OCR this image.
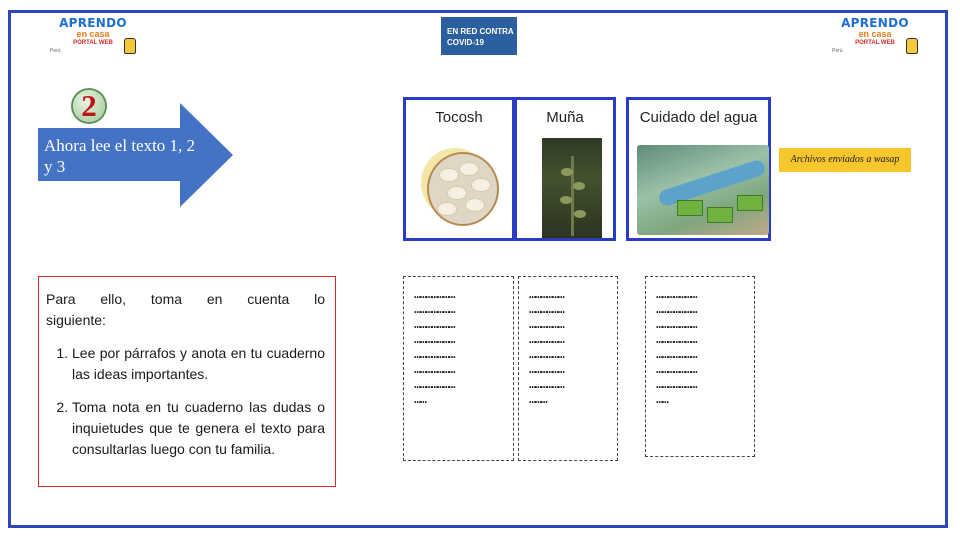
APRENDO
en casa
PORTAL WEB
Perú
EN RED CONTRA
COVID-19
APRENDO
en casa
PORTAL WEB
Perú
2
Ahora lee el texto 1, 2 y 3
Para ello, toma en cuenta lo
siguiente:
1. Lee por párrafos y anota en tu cuaderno las ideas importantes.
2. Toma nota en tu cuaderno las dudas o inquietudes que te genera el texto para consultarlas luego con tu familia.
Tocosh	Muña	Cuidado del agua
Archivos enviados a wasap
…………………
…………………
…………………
…………………
…………………
…………………
…………………
……
………………
………………
………………
………………
………………
………………
………………
………
…………………
…………………
…………………
…………………
…………………
…………………
…………………
……
